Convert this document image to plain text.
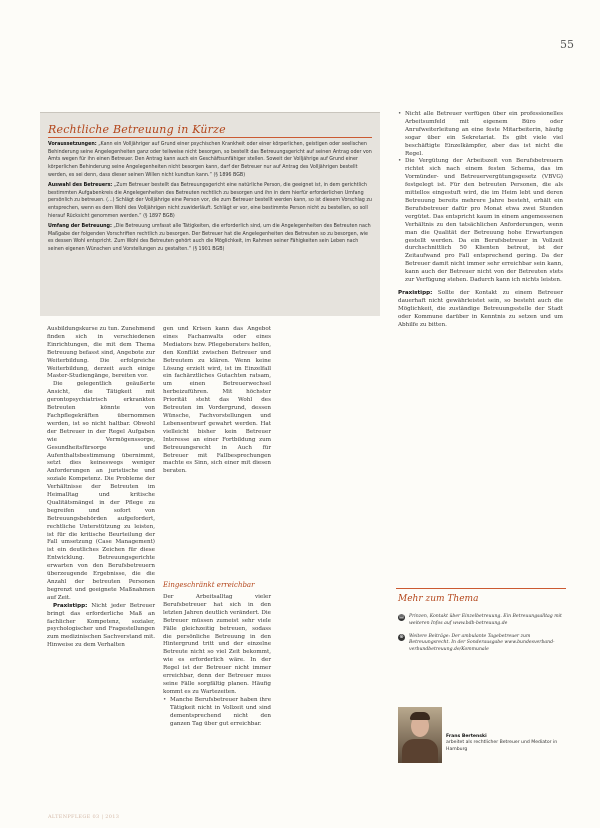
55
Rechtliche Betreuung in Kürze

Voraussetzungen: „Kann ein Volljähriger auf Grund einer psychischen Krankheit oder einer körperlichen, geistigen oder seelischen Behinderung seine Angelegenheiten ganz oder teilweise nicht besorgen, so bestellt das Betreuungsgericht auf seinen Antrag oder von Amts wegen für ihn einen Betreuer. Den Antrag kann auch ein Geschäftsunfähiger stellen. Soweit der Volljährige auf Grund einer körperlichen Behinderung seine Angelegenheiten nicht besorgen kann, darf der Betreuer nur auf Antrag des Volljährigen bestellt werden, es sei denn, dass dieser seinen Willen nicht kundtun kann.“ (§ 1896 BGB)

Auswahl des Betreuers: „Zum Betreuer bestellt das Betreuungsgericht eine natürliche Person, die geeignet ist, in dem gerichtlich bestimmten Aufgabenkreis die Angelegenheiten des Betreuten rechtlich zu besorgen und ihn in dem hierfür erforderlichen Umfang persönlich zu betreuen. (...) Schlägt der Volljährige eine Person vor, die zum Betreuer bestellt werden kann, so ist diesem Vorschlag zu entsprechen, wenn es dem Wohl des Volljährigen nicht zuwiderläuft. Schlägt er vor, eine bestimmte Person nicht zu bestellen, so soll hierauf Rücksicht genommen werden.“ (§ 1897 BGB)

Umfang der Betreuung: „Die Betreuung umfasst alle Tätigkeiten, die erforderlich sind, um die Angelegenheiten des Betreuten nach Maßgabe der folgenden Vorschriften rechtlich zu besorgen. Der Betreuer hat die Angelegenheiten des Betreuten so zu besorgen, wie es dessen Wohl entspricht. Zum Wohl des Betreuten gehört auch die Möglichkeit, im Rahmen seiner Fähigkeiten sein Leben nach seinen eigenen Wünschen und Vorstellungen zu gestalten.“ (§ 1901 BGB)

Ausbildungskurse zu tun. Zunehmend finden sich in verschiedenen Einrichtungen, die mit dem Thema Betreuung befasst sind, Angebote zur Weiterbildung. Die erfolgreiche Weiterbildung, derzeit auch einige Master-Studiengänge, bereiten vor.

Die gelegentlich geäußerte Ansicht, die Tätigkeit mit gerontopsychiatrisch erkrankten Betreuten könnte von Fachpflegekräften übernommen werden, ist so nicht haltbar. Obwohl der Betreuer in der Regel Aufgaben wie Vermögenssorge, Gesundheitsfürsorge und Aufenthaltsbestimmung übernimmt, setzt dies keineswegs weniger Anforderungen an juristische und soziale Kompetenz. Die Probleme der Verhältnisse der Betreuten im Heimalltag und kritische Qualitätsmängel in der Pflege zu begreifen und sofort von Betreuungsbehörden aufgefordert, rechtliche Unterstützung zu leisten, ist für die kritische Beurteilung der Fall umsetzung (Case Management) ist ein deutliches Zeichen für diese Entwicklung. Betreuungsgerichte erwarten von den Berufsbetreuern überzeugende Ergebnisse, die die Anzahl der betreuten Personen begrenzt und geeignete Maßnahmen auf Zeit.

Praxistipp: Nicht jeder Betreuer bringt das erforderliche Maß an fachlicher Kompetenz, sozialer, psychologischer und Fragestellungen zum medizinischen Sachverstand mit. Hinweise zu dem Verhalten

gen und Krisen kann das Angebot eines Fachanwalts oder eines Mediators bzw. Pflegeberaters helfen, den Konflikt zwischen Betreuer und Betreutem zu klären. Wenn keine Lösung erzielt wird, ist im Einzelfall ein fachärztliches Gutachten ratsam, um einen Betreuerwechsel herbeizuführen. Mit höchster Priorität steht das Wohl des Betreuten im Vordergrund, dessen Wünsche, Fachvorstellungen und Lebensentwurf gewahrt werden. Hat vielleicht bisher kein Betreuer Interesse an einer Fortbildung zum Betreuungsrecht in Auch für Betreuer mit Fallbesprechungen machte es Sinn, sich einer mit diesen beraten.

Eingeschränkt erreichbar

Der Arbeitsalltag vieler Berufsbetreuer hat sich in den letzten Jahren deutlich verändert. Die Betreuer müssen zumeist sehr viele Fälle gleichzeitig betreuen, sodass die persönliche Betreuung in den Hintergrund tritt und der einzelne Betreute nicht so viel Zeit bekommt, wie es erforderlich wäre. In der Regel ist der Betreuer nicht immer erreichbar, denn der Betreuer muss seine Fälle sorgfältig planen. Häufig kommt es zu Wartezeiten.

• Manche Berufsbetreuer haben ihre Tätigkeit nicht in Vollzeit und sind dementsprechend nicht den ganzen Tag über gut erreichbar.

• Nicht alle Betreuer verfügen über ein professionelles Arbeitsumfeld mit eigenem Büro oder Anrufweiterleitung an eine feste Mitarbeiterin, häufig sogar über ein Sekretariat. Es gibt viele viel beschäftigte Einzelkämpfer, aber das ist nicht die Regel.

• Die Vergütung der Arbeitszeit von Berufsbetreuern richtet sich nach einem festen Schema, das im Vormünder- und Betreuervergütungsgesetz (VBVG) festgelegt ist. Für den betreuten Personen, die als mittellos eingestuft wird, die im Heim lebt und deren Betreuung bereits mehrere Jahre besteht, erhält ein Berufsbetreuer dafür pro Monat etwa zwei Stunden vergütet. Das entspricht kaum in einem angemessenen Verhältnis zu den tatsächlichen Anforderungen, wenn man die Qualität der Betreuung hohe Erwartungen gestellt werden. Da ein Berufsbetreuer in Vollzeit durchschnittlich 50 Klienten betreut, ist der Zeitaufwand pro Fall entsprechend gering. Da der Betreuer damit nicht immer sehr erreichbar sein kann, kann auch der Betreuer nicht von der Betreuten stets zur Verfügung stehen. Dadurch kann ich nichts leisten.

Praxistipp: Sollte der Kontakt zu einem Betreuer dauerhaft nicht gewährleistet sein, so besteht auch die Möglichkeit, die zuständige Betreuungsstelle der Stadt oder Kommune darüber in Kenntnis zu setzen und um Abhilfe zu bitten.

Mehr zum Thema
▤ Prinzen, Kontakt über Einzelbetreuung. Ein Betreuungsalltag mit weiteren Infos auf www.bdb-betreuung.de
⊕	Weitere Beiträge: Der ambulante Tagebetreuer zum Betreuungsrecht. In der Sonderausgabe www.bundesverband-verbundbetreuung.de/Kommunale
Frans Bertenski
arbeitet als rechtlicher Betreuer und Mediator in Hamburg
ALTENPFLEGE 03 | 2013
